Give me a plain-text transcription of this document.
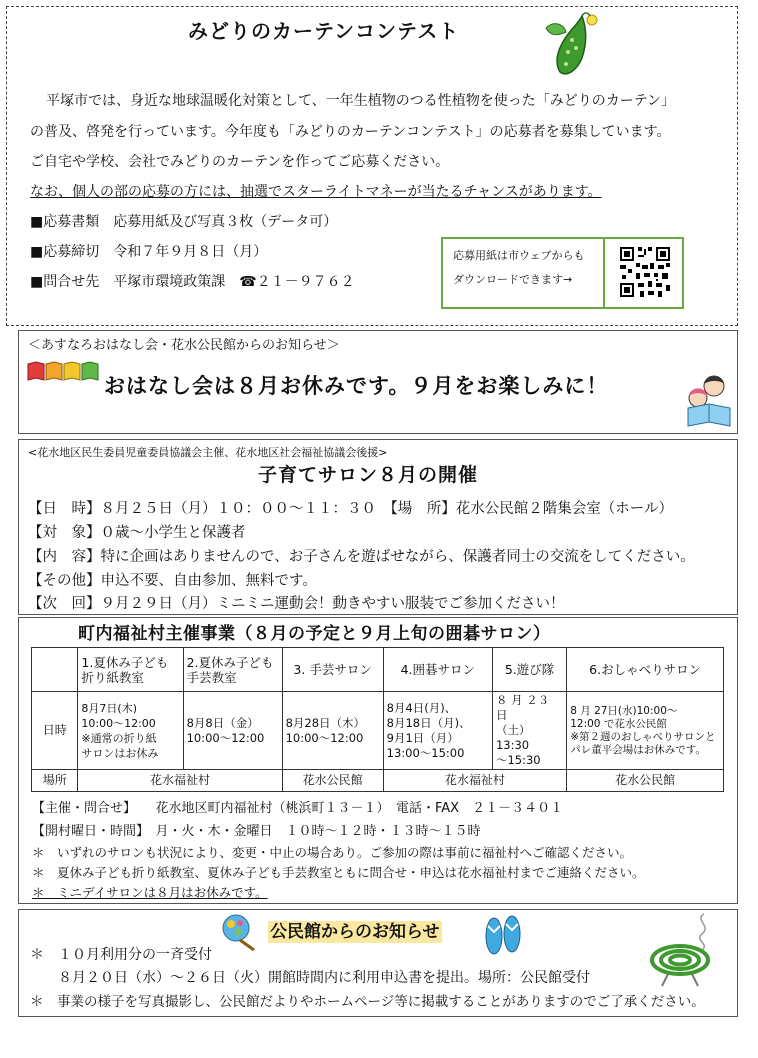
みどりのカーテンコンテスト
平塚市では、身近な地球温暖化対策として、一年生植物のつる性植物を使った「みどりのカーテン」
の普及、啓発を行っています。今年度も「みどりのカーテンコンテスト」の応募者を募集しています。
ご自宅や学校、会社でみどりのカーテンを作ってご応募ください。
なお、個人の部の応募の方には、抽選でスターライトマネーが当たるチャンスがあります。
■応募書類　応募用紙及び写真３枚（データ可）
■応募締切　令和７年９月８日（月）
■問合せ先　平塚市環境政策課　☎２１－９７６２
応募用紙は市ウェブからも
ダウンロードできます→
＜あすなろおはなし会・花水公民館からのお知らせ＞
おはなし会は８月お休みです。９月をお楽しみに！
<花水地区民生委員児童委員協議会主催、花水地区社会福祉協議会後援>
子育てサロン８月の開催
【日　時】８月２５日（月）１０：００～１１：３０　【場　所】花水公民館２階集会室（ホール）
【対　象】０歳～小学生と保護者
【内　容】特に企画はありませんので、お子さんを遊ばせながら、保護者同士の交流をしてください。
【その他】申込不要、自由参加、無料です。
【次　回】９月２９日（月）ミニミニ運動会！動きやすい服装でご参加ください！
町内福祉村主催事業（８月の予定と９月上旬の囲碁サロン）
	1.夏休み子ども折り紙教室	2.夏休み子ども手芸教室	3. 手芸サロン	4.囲碁サロン	5.遊び隊	6.おしゃべりサロン
日時	8月7日(木)
10:00～12:00
※通常の折り紙
サロンはお休み	8月8日（金）
10:00～12:00	8月28日（木）
10:00～12:00	8月4日(月)、
8月18日（月)、
9月1日（月）
13:00～15:00	８ 月 ２３ 日
（土）13:30
～15:30	8 月 27日(水)10:00～
12:00 で花水公民館
※第２週のおしゃべりサロンとパレ董平会場はお休みです。
場所	花水福祉村		花水公民館	花水福祉村		花水公民館
【主催・問合せ】　　花水地区町内福祉村（桃浜町１３－１）　電話・FAX　２１－３４０１
【開村曜日・時間】　月・火・木・金曜日　１０時～１２時・１３時～１５時
＊　いずれのサロンも状況により、変更・中止の場合あり。ご参加の際は事前に福祉村へご確認ください。
＊　夏休み子ども折り紙教室、夏休み子ども手芸教室ともに問合せ・申込は花水福祉村までご連絡ください。
＊　ミニデイサロンは８月はお休みです。
公民館からのお知らせ
＊　１０月利用分の一斉受付
８月２０日（水）～２６日（火）開館時間内に利用申込書を提出。場所：公民館受付
＊　事業の様子を写真撮影し、公民館だよりやホームページ等に掲載することがありますのでご了承ください。
